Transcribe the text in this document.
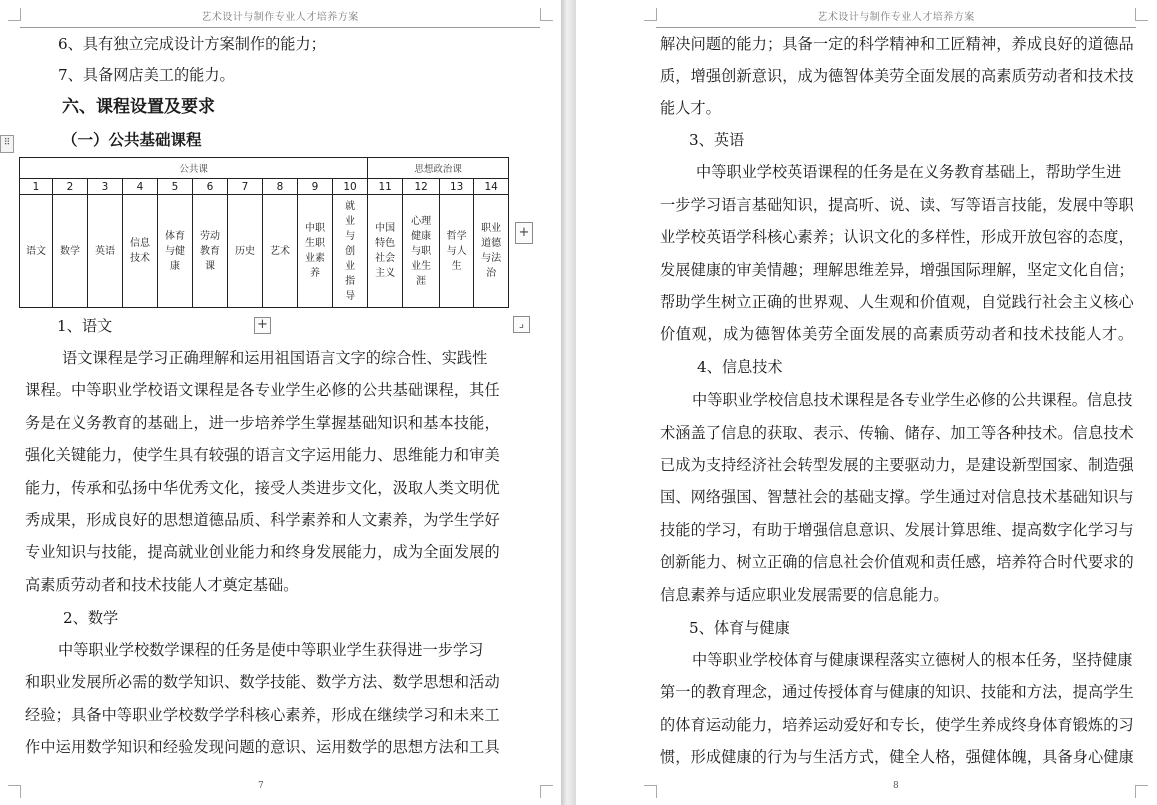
艺术设计与制作专业人才培养方案
6、具有独立完成设计方案制作的能力；
7、具备网店美工的能力。
六、课程设置及要求
（一）公共基础课程
⠿
公共课										思想政治课			
1	2	3	4	5	6	7	8	9	10	11	12	13	14
语文	数学	英语	信息技术	体育与健康	劳动教育课	历史	艺术	中职生职业素养	就业与创业指导	中国特色社会主义	心理健康与职业生涯	哲学与人生	职业道德与法治
+
+	⌟
1、语文
语文课程是学习正确理解和运用祖国语言文字的综合性、实践性
课程。中等职业学校语文课程是各专业学生必修的公共基础课程，其任
务是在义务教育的基础上，进一步培养学生掌握基础知识和基本技能，
强化关键能力，使学生具有较强的语言文字运用能力、思维能力和审美
能力，传承和弘扬中华优秀文化，接受人类进步文化，汲取人类文明优
秀成果，形成良好的思想道德品质、科学素养和人文素养，为学生学好
专业知识与技能，提高就业创业能力和终身发展能力，成为全面发展的
高素质劳动者和技术技能人才奠定基础。
2、数学
中等职业学校数学课程的任务是使中等职业学生获得进一步学习
和职业发展所必需的数学知识、数学技能、数学方法、数学思想和活动
经验；具备中等职业学校数学学科核心素养，形成在继续学习和未来工
作中运用数学知识和经验发现问题的意识、运用数学的思想方法和工具
7
艺术设计与制作专业人才培养方案
解决问题的能力；具备一定的科学精神和工匠精神，养成良好的道德品
质，增强创新意识，成为德智体美劳全面发展的高素质劳动者和技术技
能人才。
3、英语
中等职业学校英语课程的任务是在义务教育基础上，帮助学生进
一步学习语言基础知识，提高听、说、读、写等语言技能，发展中等职
业学校英语学科核心素养；认识文化的多样性，形成开放包容的态度，
发展健康的审美情趣；理解思维差异，增强国际理解，坚定文化自信；
帮助学生树立正确的世界观、人生观和价值观，自觉践行社会主义核心
价值观，成为德智体美劳全面发展的高素质劳动者和技术技能人才。
4、信息技术
中等职业学校信息技术课程是各专业学生必修的公共课程。信息技
术涵盖了信息的获取、表示、传输、储存、加工等各种技术。信息技术
已成为支持经济社会转型发展的主要驱动力，是建设新型国家、制造强
国、网络强国、智慧社会的基础支撑。学生通过对信息技术基础知识与
技能的学习，有助于增强信息意识、发展计算思维、提高数字化学习与
创新能力、树立正确的信息社会价值观和责任感，培养符合时代要求的
信息素养与适应职业发展需要的信息能力。
5、体育与健康
中等职业学校体育与健康课程落实立德树人的根本任务，坚持健康
第一的教育理念，通过传授体育与健康的知识、技能和方法，提高学生
的体育运动能力，培养运动爱好和专长，使学生养成终身体育锻炼的习
惯，形成健康的行为与生活方式，健全人格，强健体魄，具备身心健康
8
